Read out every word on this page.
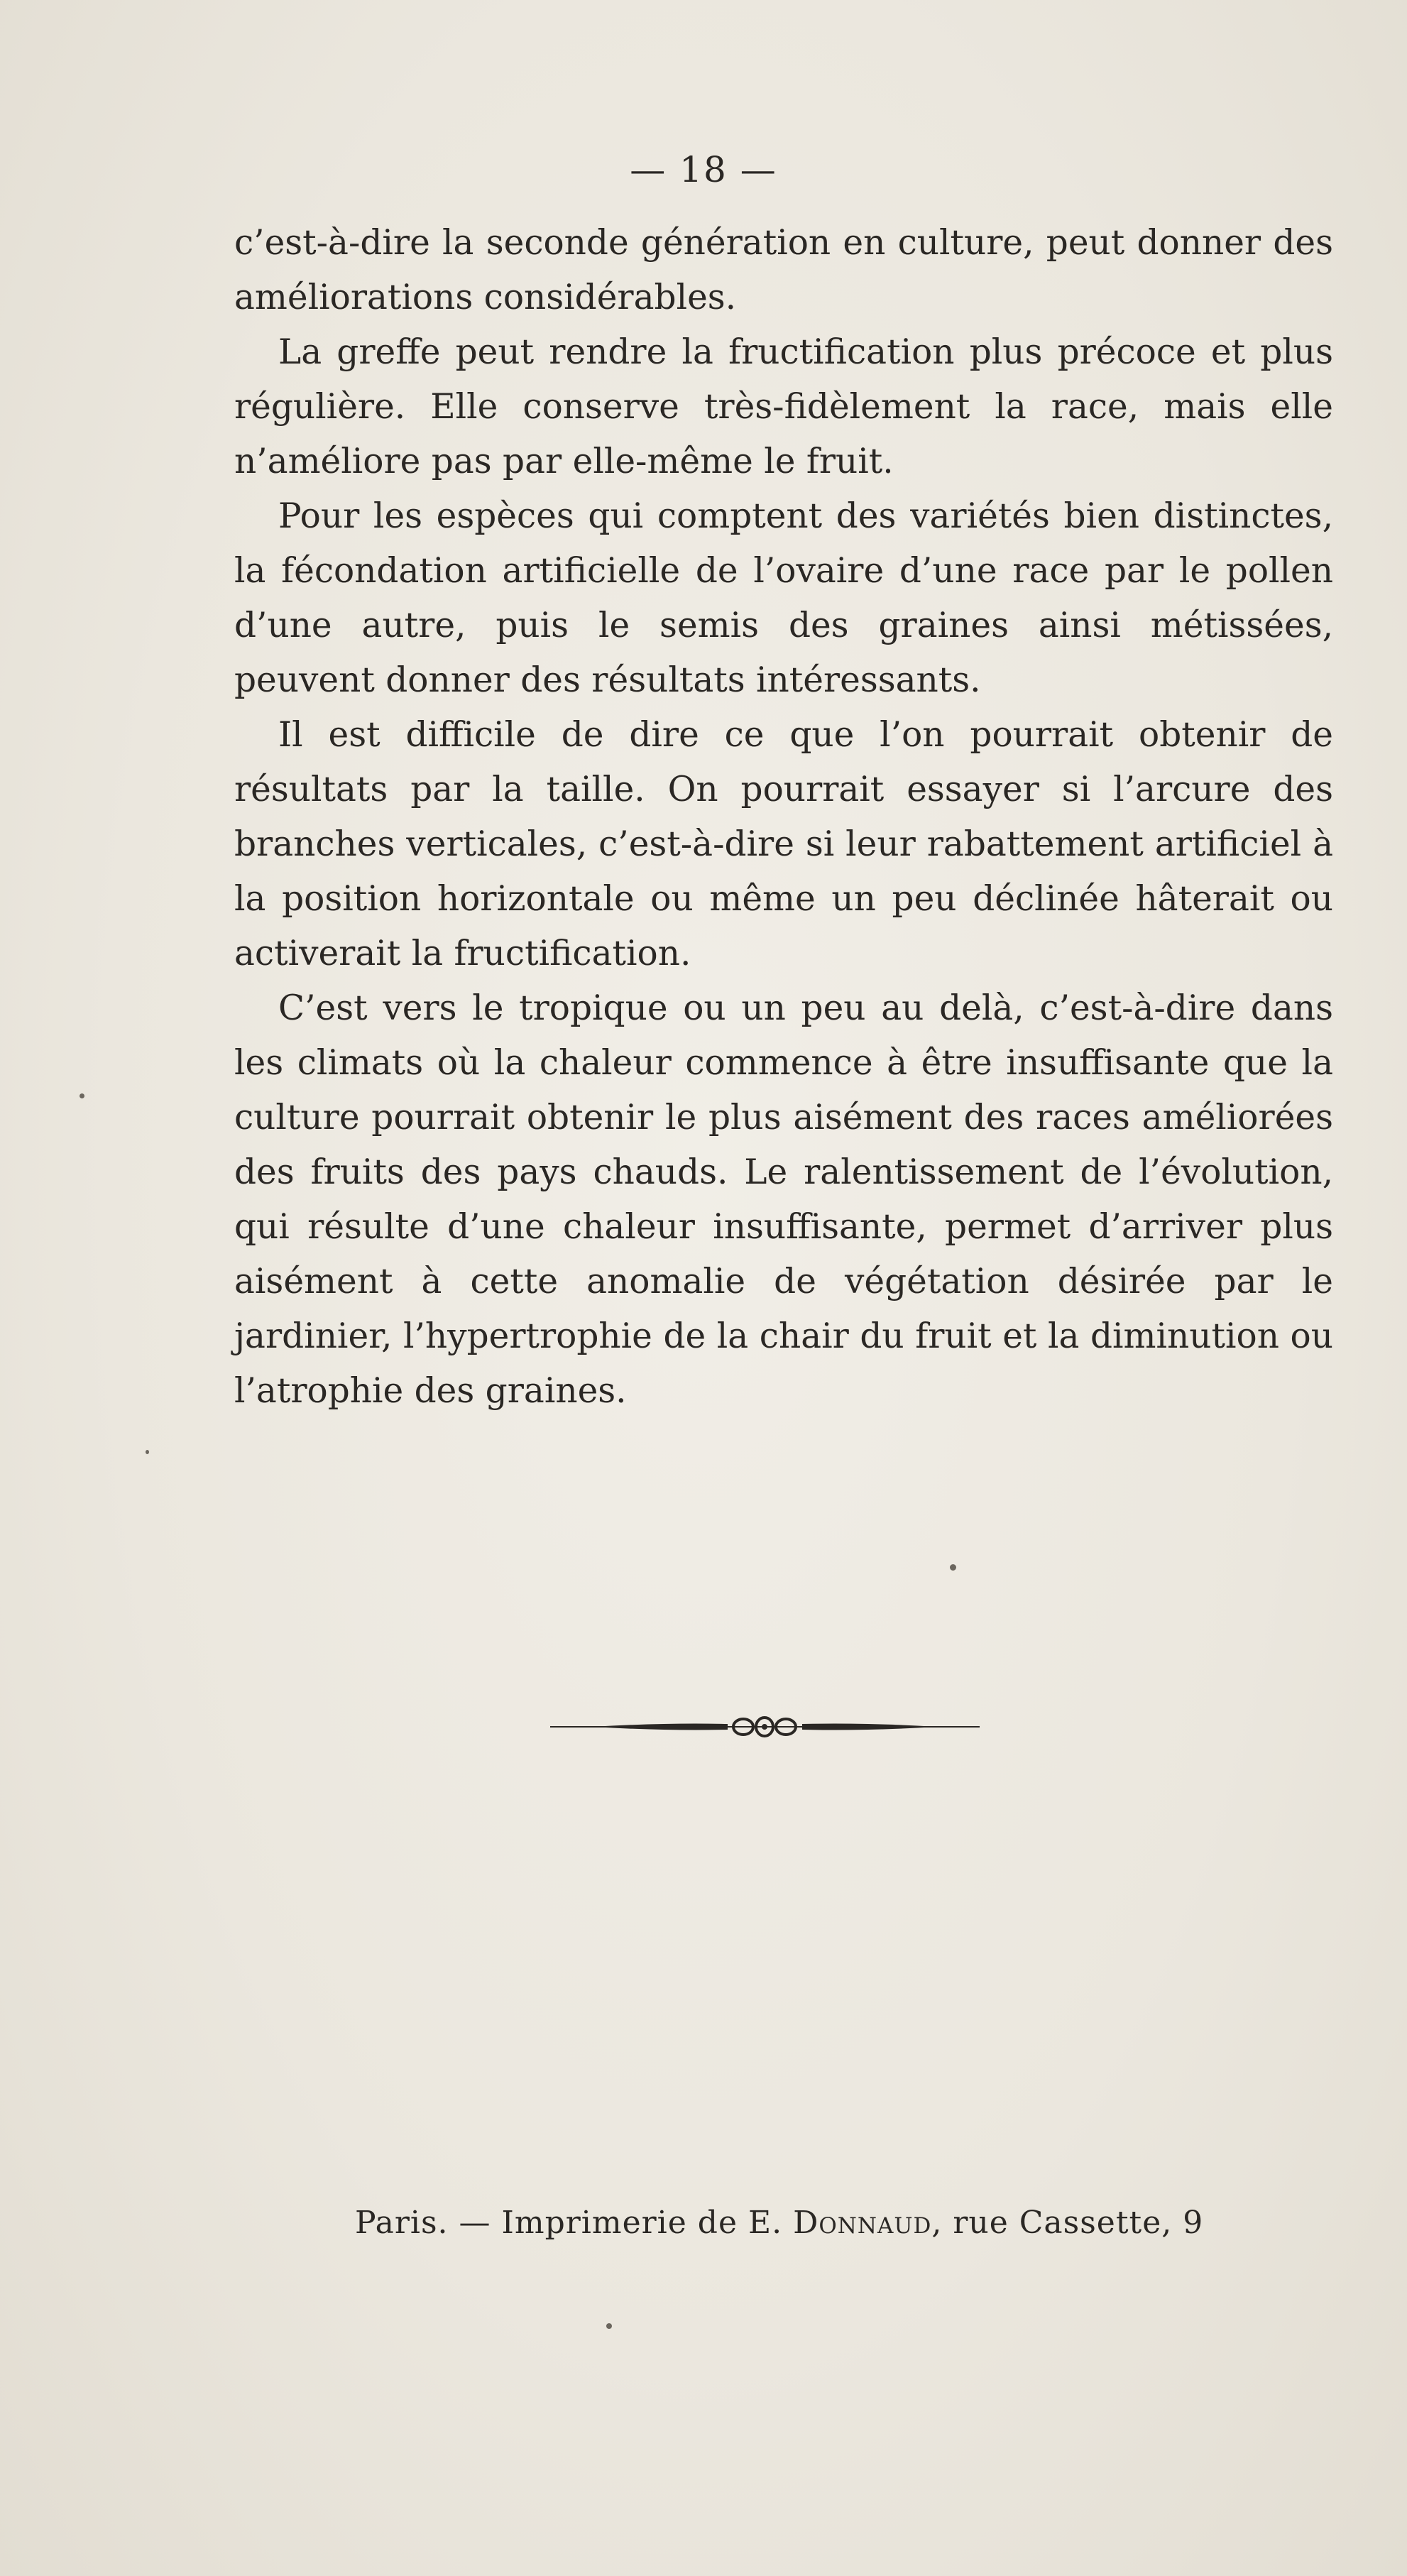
— 18 —

c’est-à-dire la seconde génération en culture, peut donner des améliorations considérables.

La greffe peut rendre la fructification plus précoce et plus régulière. Elle conserve très-fidèlement la race, mais elle n’améliore pas par elle-même le fruit.

Pour les espèces qui comptent des variétés bien distinctes, la fécondation artificielle de l’ovaire d’une race par le pollen d’une autre, puis le semis des graines ainsi métissées, peuvent donner des résultats intéressants.

Il est difficile de dire ce que l’on pourrait obtenir de résultats par la taille. On pourrait essayer si l’arcure des branches verticales, c’est-à-dire si leur rabattement artificiel à la position horizontale ou même un peu déclinée hâterait ou activerait la fructification.

C’est vers le tropique ou un peu au delà, c’est-à-dire dans les climats où la chaleur commence à être insuffisante que la culture pourrait obtenir le plus aisément des races améliorées des fruits des pays chauds. Le ralentissement de l’évolution, qui résulte d’une chaleur insuffisante, permet d’arriver plus aisément à cette anomalie de végétation désirée par le jardinier, l’hypertrophie de la chair du fruit et la diminution ou l’atrophie des graines.

Paris. — Imprimerie de E. Donnaud, rue Cassette, 9
